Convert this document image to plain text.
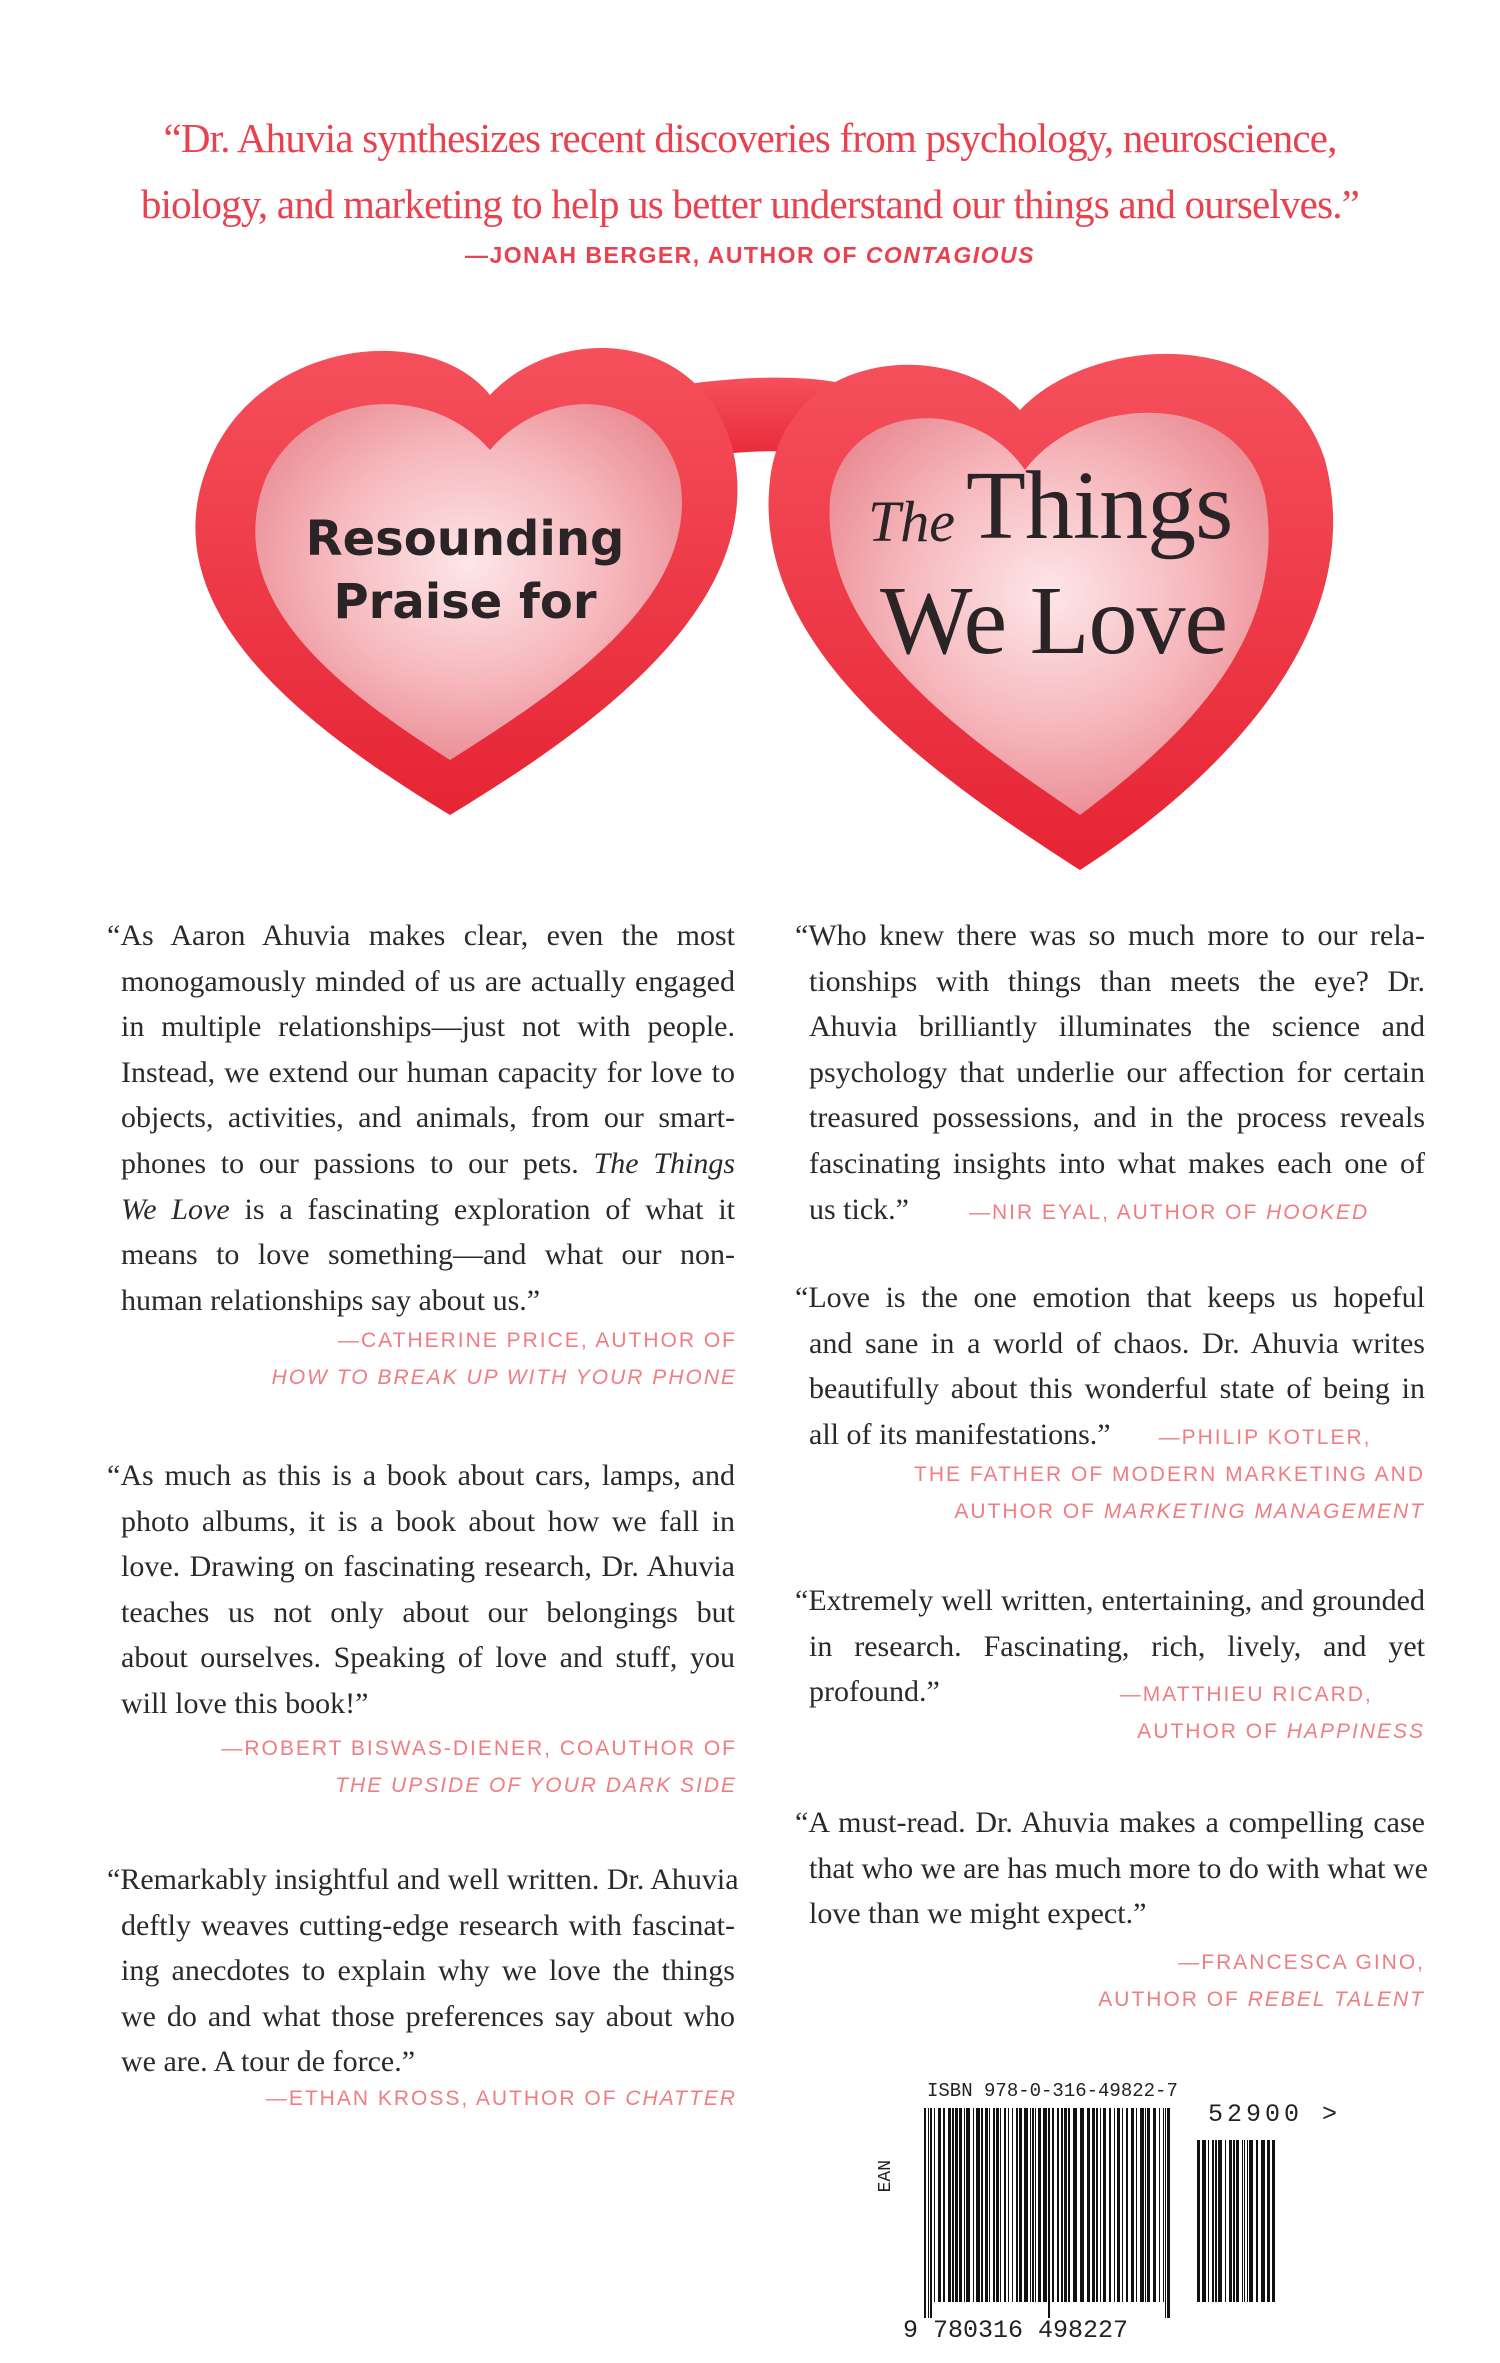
“Dr. Ahuvia synthesizes recent discoveries from psychology, neuroscience,
biology, and marketing to help us better understand our things and ourselves.”
—JONAH BERGER, AUTHOR OF CONTAGIOUS
Resounding
Praise for
The Things
We Love
“As Aaron Ahuvia makes clear, even the most
monogamously minded of us are actually engaged
in multiple relationships—just not with people.
Instead, we extend our human capacity for love to
objects, activities, and animals, from our smart-
phones to our passions to our pets. The Things
We Love is a fascinating exploration of what it
means to love something—and what our non-
human relationships say about us.”
—CATHERINE PRICE, AUTHOR OF
HOW TO BREAK UP WITH YOUR PHONE
“As much as this is a book about cars, lamps, and
photo albums, it is a book about how we fall in
love. Drawing on fascinating research, Dr. Ahuvia
teaches us not only about our belongings but
about ourselves. Speaking of love and stuff, you
will love this book!”
—ROBERT BISWAS-DIENER, COAUTHOR OF
THE UPSIDE OF YOUR DARK SIDE
“Remarkably insightful and well written. Dr. Ahuvia
deftly weaves cutting-edge research with fascinat-
ing anecdotes to explain why we love the things
we do and what those preferences say about who
we are. A tour de force.”
—ETHAN KROSS, AUTHOR OF CHATTER
“Who knew there was so much more to our rela-
tionships with things than meets the eye? Dr.
Ahuvia brilliantly illuminates the science and
psychology that underlie our affection for certain
treasured possessions, and in the process reveals
fascinating insights into what makes each one of
us tick.”	—NIR EYAL, AUTHOR OF HOOKED
“Love is the one emotion that keeps us hopeful
and sane in a world of chaos. Dr. Ahuvia writes
beautifully about this wonderful state of being in
all of its manifestations.” —PHILIP KOTLER,
THE FATHER OF MODERN MARKETING AND
AUTHOR OF MARKETING MANAGEMENT
“Extremely well written, entertaining, and grounded
in research. Fascinating, rich, lively, and yet
profound.”	—MATTHIEU RICARD,
AUTHOR OF HAPPINESS
“A must-read. Dr. Ahuvia makes a compelling case
that who we are has much more to do with what we
love than we might expect.”
—FRANCESCA GINO,
AUTHOR OF REBEL TALENT
ISBN 978-0-316-49822-7
EAN
52900 >
9 780316 498227
